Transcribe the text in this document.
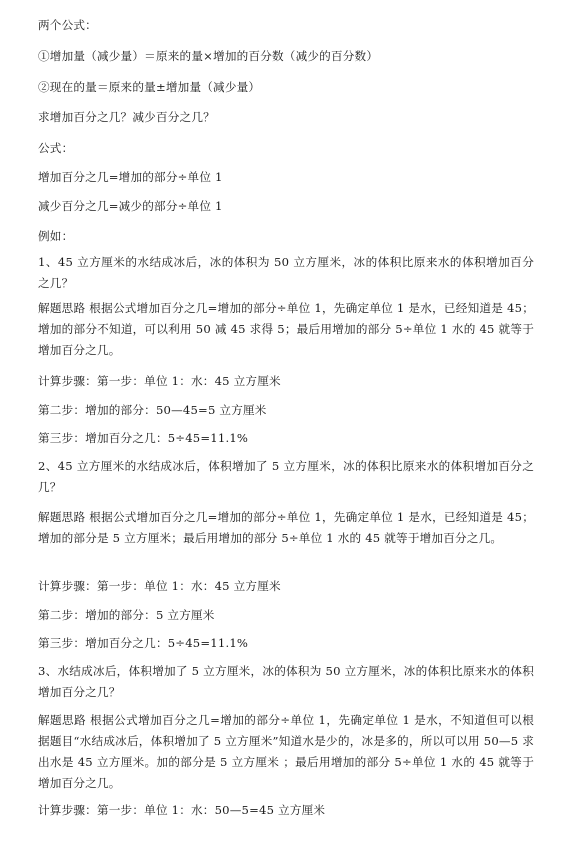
两个公式：
①增加量（减少量）＝原来的量×增加的百分数（减少的百分数）
②现在的量＝原来的量±增加量（减少量）
求增加百分之几？减少百分之几？
公式：
增加百分之几=增加的部分÷单位 1
减少百分之几=减少的部分÷单位 1
例如：
1、45 立方厘米的水结成冰后，冰的体积为 50 立方厘米，冰的体积比原来水的体积增加百分之几？
解题思路 根据公式增加百分之几=增加的部分÷单位 1，先确定单位 1 是水，已经知道是 45；增加的部分不知道，可以利用 50 减 45 求得 5；最后用增加的部分 5÷单位 1 水的 45 就等于增加百分之几。
计算步骤：第一步：单位 1：水：45 立方厘米
第二步：增加的部分：50—45=5 立方厘米
第三步：增加百分之几：5÷45=11.1%
2、45 立方厘米的水结成冰后，体积增加了 5 立方厘米，冰的体积比原来水的体积增加百分之几？
解题思路 根据公式增加百分之几=增加的部分÷单位 1，先确定单位 1 是水，已经知道是 45；增加的部分是 5 立方厘米；最后用增加的部分 5÷单位 1 水的 45 就等于增加百分之几。
计算步骤：第一步：单位 1：水：45 立方厘米
第二步：增加的部分：5 立方厘米
第三步：增加百分之几：5÷45=11.1%
3、水结成冰后，体积增加了 5 立方厘米，冰的体积为 50 立方厘米，冰的体积比原来水的体积增加百分之几？
解题思路 根据公式增加百分之几=增加的部分÷单位 1，先确定单位 1 是水，不知道但可以根据题目“水结成冰后，体积增加了 5 立方厘米”知道水是少的，冰是多的，所以可以用 50—5 求出水是 45 立方厘米。加的部分是 5 立方厘米 ；最后用增加的部分 5÷单位 1 水的 45 就等于增加百分之几。
计算步骤：第一步：单位 1：水：50—5=45 立方厘米
